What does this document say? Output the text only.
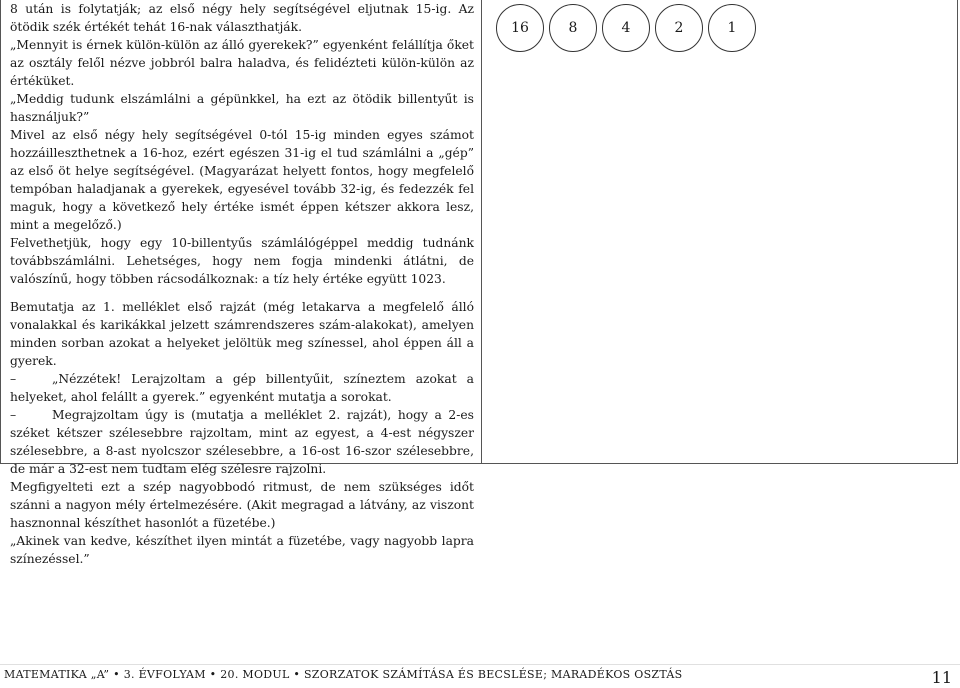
8 után is folytatják; az első négy hely segítségével eljutnak 15-ig. Az ötödik szék értékét tehát 16-nak választhatják.

„Mennyit is érnek külön-külön az álló gyerekek?” egyenként felállítja őket az osztály felől nézve jobbról balra haladva, és felidézteti külön-külön az értéküket.

„Meddig tudunk elszámlálni a gépünkkel, ha ezt az ötödik billentyűt is használjuk?”

Mivel az első négy hely segítségével 0-tól 15-ig minden egyes számot hozzáilleszthetnek a 16-hoz, ezért egészen 31-ig el tud számlálni a „gép” az első öt helye segítségével. (Magyarázat helyett fontos, hogy megfelelő tempóban haladjanak a gyerekek, egyesével tovább 32-ig, és fedezzék fel maguk, hogy a következő hely értéke ismét éppen kétszer akkora lesz, mint a megelőző.)

Felvethetjük, hogy egy 10-billentyűs számlálógéppel meddig tudnánk továbbszámlálni. Lehetséges, hogy nem fogja mindenki átlátni, de valószínű, hogy többen rácsodálkoznak: a tíz hely értéke együtt 1023.

Bemutatja az 1. melléklet első rajzát (még letakarva a megfelelő álló vonalakkal és karikákkal jelzett számrendszeres szám-alakokat), amelyen minden sorban azokat a helyeket jelöltük meg színessel, ahol éppen áll a gyerek.

–	„Nézzétek! Lerajzoltam a gép billentyűit, színeztem azokat a helyeket, ahol felállt a gyerek.” egyenként mutatja a sorokat.

–	Megrajzoltam úgy is (mutatja a melléklet 2. rajzát), hogy a 2-es széket kétszer szélesebbre rajzoltam, mint az egyest, a 4-est négyszer szélesebbre, a 8-ast nyolcszor szélesebbre, a 16-ost 16-szor szélesebbre, de már a 32-est nem tudtam elég szélesre rajzolni.

Megfigyelteti ezt a szép nagyobbodó ritmust, de nem szükséges időt szánni a nagyon mély értelmezésére. (Akit megragad a látvány, az viszont hasznonnal készíthet hasonlót a füzetébe.)

„Akinek van kedve, készíthet ilyen mintát a füzetébe, vagy nagyobb lapra színezéssel.”

16	8	4	2	1
MATEMATIKA „A” • 3. ÉVFOLYAM • 20. MODUL • SZORZATOK SZÁMÍTÁSA ÉS BECSLÉSE; MARADÉKOS OSZTÁS	11
